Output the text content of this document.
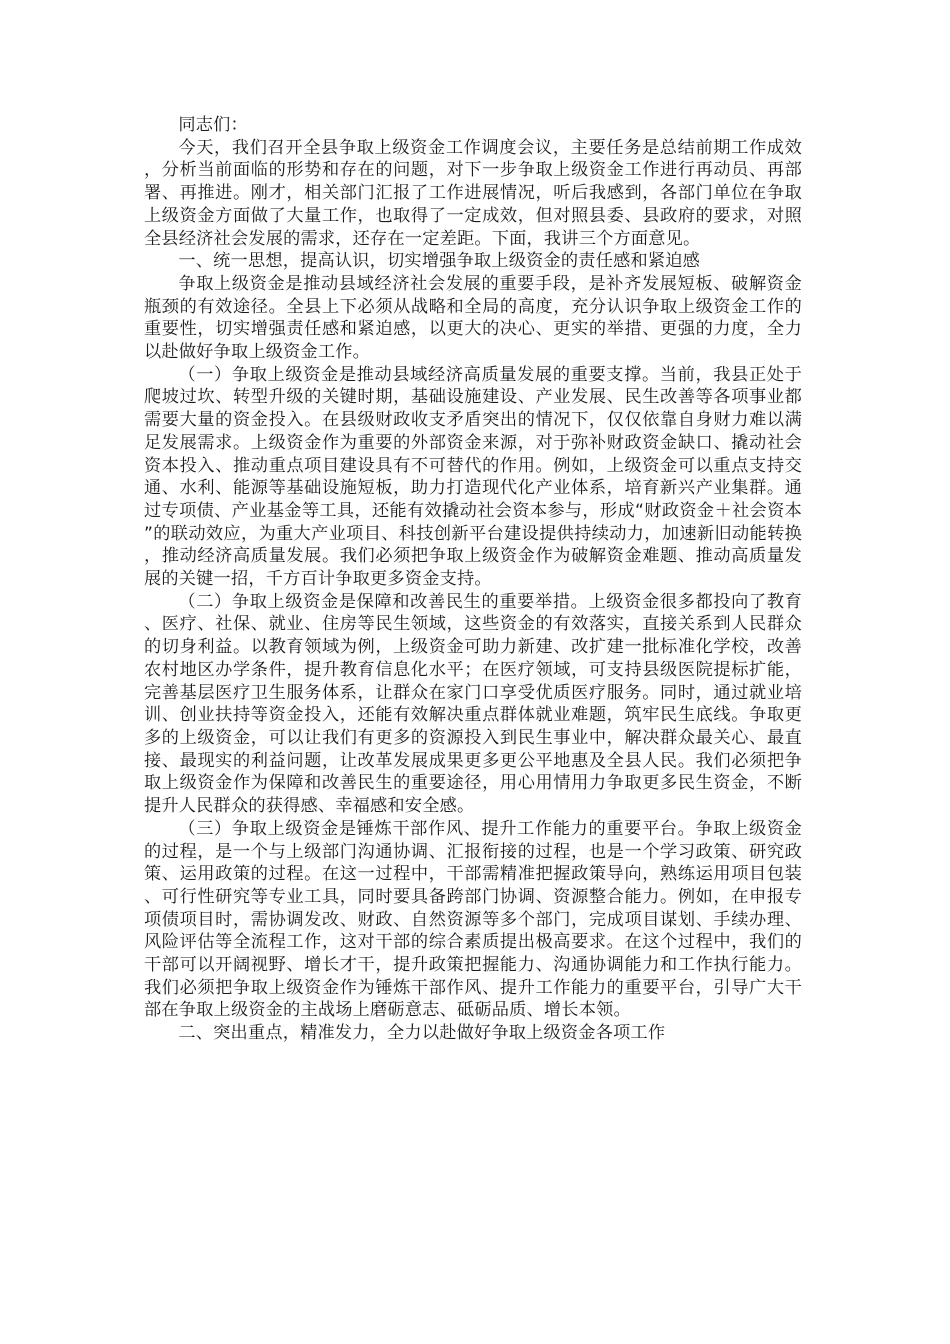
同志们：

今天，我们召开全县争取上级资金工作调度会议，主要任务是总结前期工作成效，分析当前面临的形势和存在的问题，对下一步争取上级资金工作进行再动员、再部署、再推进。刚才，相关部门汇报了工作进展情况，听后我感到，各部门单位在争取上级资金方面做了大量工作，也取得了一定成效，但对照县委、县政府的要求，对照全县经济社会发展的需求，还存在一定差距。下面，我讲三个方面意见。

一、统一思想，提高认识，切实增强争取上级资金的责任感和紧迫感

争取上级资金是推动县域经济社会发展的重要手段，是补齐发展短板、破解资金瓶颈的有效途径。全县上下必须从战略和全局的高度，充分认识争取上级资金工作的重要性，切实增强责任感和紧迫感，以更大的决心、更实的举措、更强的力度，全力以赴做好争取上级资金工作。

（一）争取上级资金是推动县域经济高质量发展的重要支撑。当前，我县正处于爬坡过坎、转型升级的关键时期，基础设施建设、产业发展、民生改善等各项事业都需要大量的资金投入。在县级财政收支矛盾突出的情况下，仅仅依靠自身财力难以满足发展需求。上级资金作为重要的外部资金来源，对于弥补财政资金缺口、撬动社会资本投入、推动重点项目建设具有不可替代的作用。例如，上级资金可以重点支持交通、水利、能源等基础设施短板，助力打造现代化产业体系，培育新兴产业集群。通过专项债、产业基金等工具，还能有效撬动社会资本参与，形成“财政资金＋社会资本”的联动效应，为重大产业项目、科技创新平台建设提供持续动力，加速新旧动能转换，推动经济高质量发展。我们必须把争取上级资金作为破解资金难题、推动高质量发展的关键一招，千方百计争取更多资金支持。

（二）争取上级资金是保障和改善民生的重要举措。上级资金很多都投向了教育、医疗、社保、就业、住房等民生领域，这些资金的有效落实，直接关系到人民群众的切身利益。以教育领域为例，上级资金可助力新建、改扩建一批标准化学校，改善农村地区办学条件，提升教育信息化水平；在医疗领域，可支持县级医院提标扩能，完善基层医疗卫生服务体系，让群众在家门口享受优质医疗服务。同时，通过就业培训、创业扶持等资金投入，还能有效解决重点群体就业难题，筑牢民生底线。争取更多的上级资金，可以让我们有更多的资源投入到民生事业中，解决群众最关心、最直接、最现实的利益问题，让改革发展成果更多更公平地惠及全县人民。我们必须把争取上级资金作为保障和改善民生的重要途径，用心用情用力争取更多民生资金，不断提升人民群众的获得感、幸福感和安全感。

（三）争取上级资金是锤炼干部作风、提升工作能力的重要平台。争取上级资金的过程，是一个与上级部门沟通协调、汇报衔接的过程，也是一个学习政策、研究政策、运用政策的过程。在这一过程中，干部需精准把握政策导向，熟练运用项目包装、可行性研究等专业工具，同时要具备跨部门协调、资源整合能力。例如，在申报专项债项目时，需协调发改、财政、自然资源等多个部门，完成项目谋划、手续办理、风险评估等全流程工作，这对干部的综合素质提出极高要求。在这个过程中，我们的干部可以开阔视野、增长才干，提升政策把握能力、沟通协调能力和工作执行能力。我们必须把争取上级资金作为锤炼干部作风、提升工作能力的重要平台，引导广大干部在争取上级资金的主战场上磨砺意志、砥砺品质、增长本领。

二、突出重点，精准发力，全力以赴做好争取上级资金各项工作
